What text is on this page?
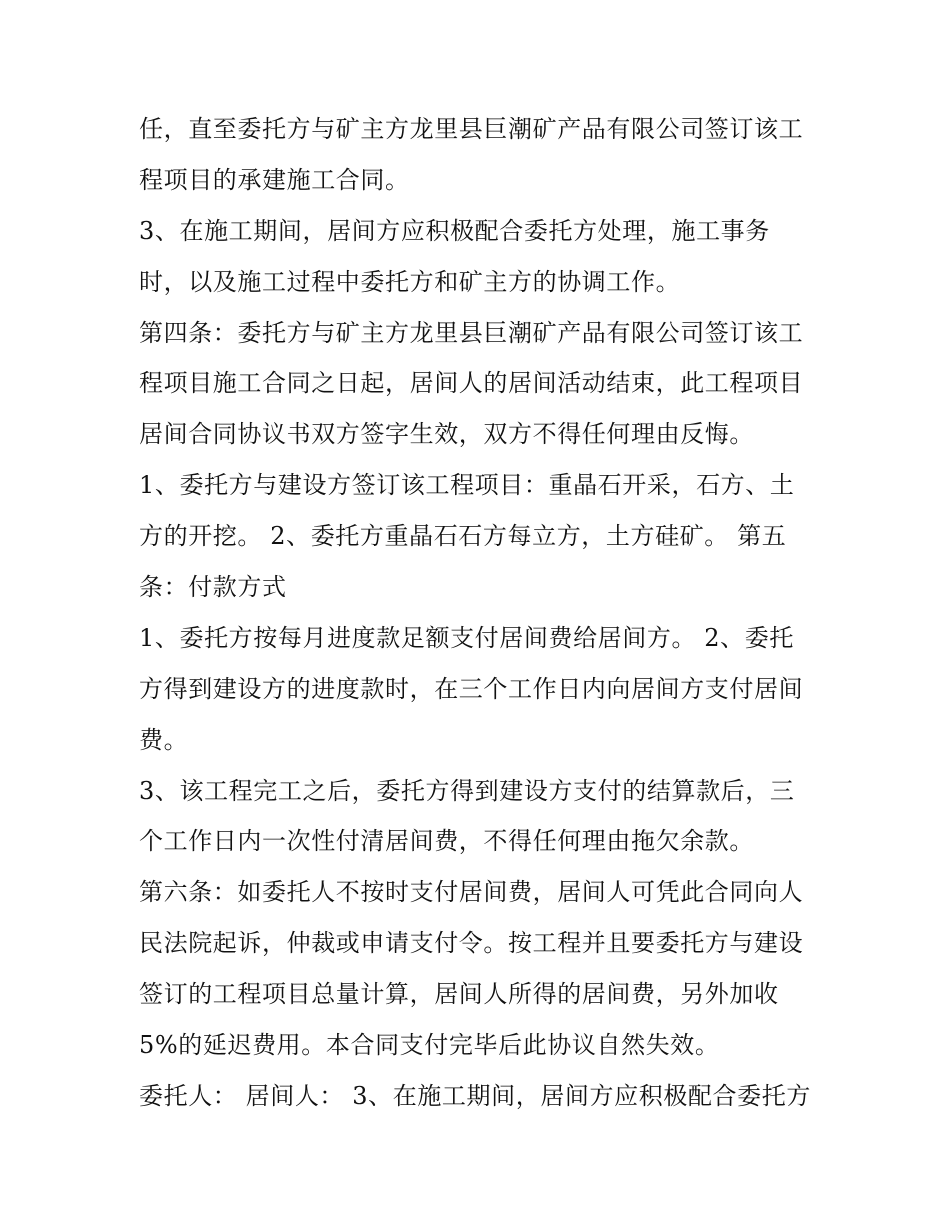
任，直至委托方与矿主方龙里县巨潮矿产品有限公司签订该工
程项目的承建施工合同。
3、在施工期间，居间方应积极配合委托方处理，施工事务
时，以及施工过程中委托方和矿主方的协调工作。
第四条：委托方与矿主方龙里县巨潮矿产品有限公司签订该工
程项目施工合同之日起，居间人的居间活动结束，此工程项目
居间合同协议书双方签字生效，双方不得任何理由反悔。
1、委托方与建设方签订该工程项目：重晶石开采，石方、土
方的开挖。 2、委托方重晶石石方每立方，土方硅矿。 第五
条：付款方式
1、委托方按每月进度款足额支付居间费给居间方。 2、委托
方得到建设方的进度款时，在三个工作日内向居间方支付居间
费。
3、该工程完工之后，委托方得到建设方支付的结算款后，三
个工作日内一次性付清居间费，不得任何理由拖欠余款。
第六条：如委托人不按时支付居间费，居间人可凭此合同向人
民法院起诉，仲裁或申请支付令。按工程并且要委托方与建设
签订的工程项目总量计算，居间人所得的居间费，另外加收
5%的延迟费用。本合同支付完毕后此协议自然失效。
委托人： 居间人： 3、在施工期间，居间方应积极配合委托方
